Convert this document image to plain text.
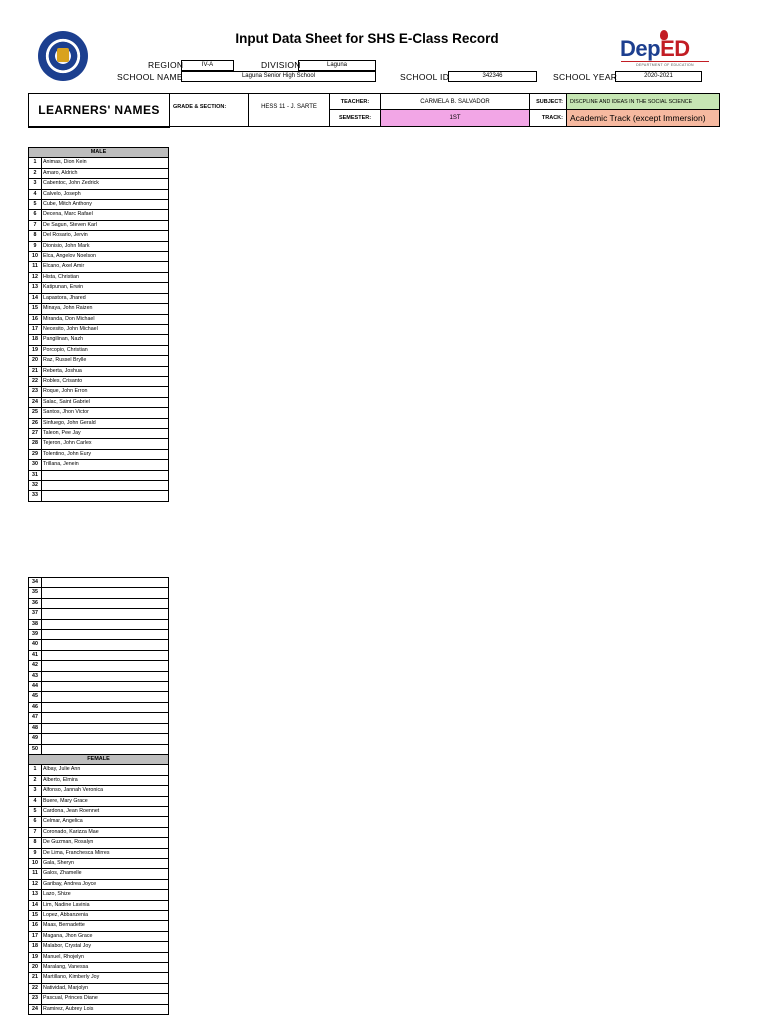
Input Data Sheet for SHS E-Class Record	DepED
DEPARTMENT OF EDUCATION
REGION	IV-A	DIVISION	Laguna
SCHOOL NAME	Laguna Senior High School	SCHOOL ID	342346	SCHOOL YEAR	2020-2021
LEARNERS' NAMES	GRADE & SECTION:	HESS 11 - J. SARTE	TEACHER:	CARMELA B. SALVADOR	SUBJECT:	DISCPLINE AND IDEAS IN THE SOCIAL SCIENCE
			SEMESTER:	1ST	TRACK:	Academic Track (except Immersion)
MALE	
1	Animas, Dion Kein
2	Amaro, Aldrich
3	Cabentoc, John Zedrick
4	Calvelo, Joseph
5	Cube, Mitch Anthony
6	Decena, Marc Rafael
7	De Sagun, Steven Karl
8	Del Rosario, Jervin
9	Dionisio, John Mark
10	Elca, Angelov Noelson
11	Elcano, Axel Amir
12	Hista, Christian
13	Katipunan, Erwin
14	Lapastora, Jhared
15	Minaya, John Raizen
16	Miranda, Don Michael
17	Necesito, John Michael
18	Pangilinan, Nazh
19	Porcopio, Christian
20	Raz, Russel Brylle
21	Reberta, Joshua
22	Robles, Crisanto
23	Roque, John Erron
24	Salac, Saint Gabriel
25	Santos, Jhon Victor
26	Sinfuego, John Gerald
27	Taleon, Pee Jay
28	Tejeron, John Carlex
29	Tolentino, John Eury
30	Trillana, Jenein
31	
32	
33	
34	
35	
36	
37	
38	
39	
40	
41	
42	
43	
44	
45	
46	
47	
48	
49	
50	
FEMALE	
1	Albay, Julie Ann
2	Alberto, Elmira
3	Alfonso, Jannah Veronica
4	Buere, Mary Grace
5	Cardona, Jean Roennet
6	Celmar, Angelica
7	Coronado, Karizza Mae
8	De Guzman, Rosalyn
9	De Lima, Franchesca Mirres
10	Gala, Sheryn
11	Galos, Zhamelle
12	Garibay, Andrea Joyce
13	Lazo, Shize
14	Lim, Nadine Lavinia
15	Lopez, Abbanzenia
16	Maas, Bernadette
17	Magana, Jhon Grace
18	Malabor, Crystal Joy
19	Manuel, Rhojelyn
20	Maralang, Vanessa
21	Martillano, Kimberly Joy
22	Natividad, Marjolyn
23	Pascual, Princes Diane
24	Ramirez, Aubrey Lois
